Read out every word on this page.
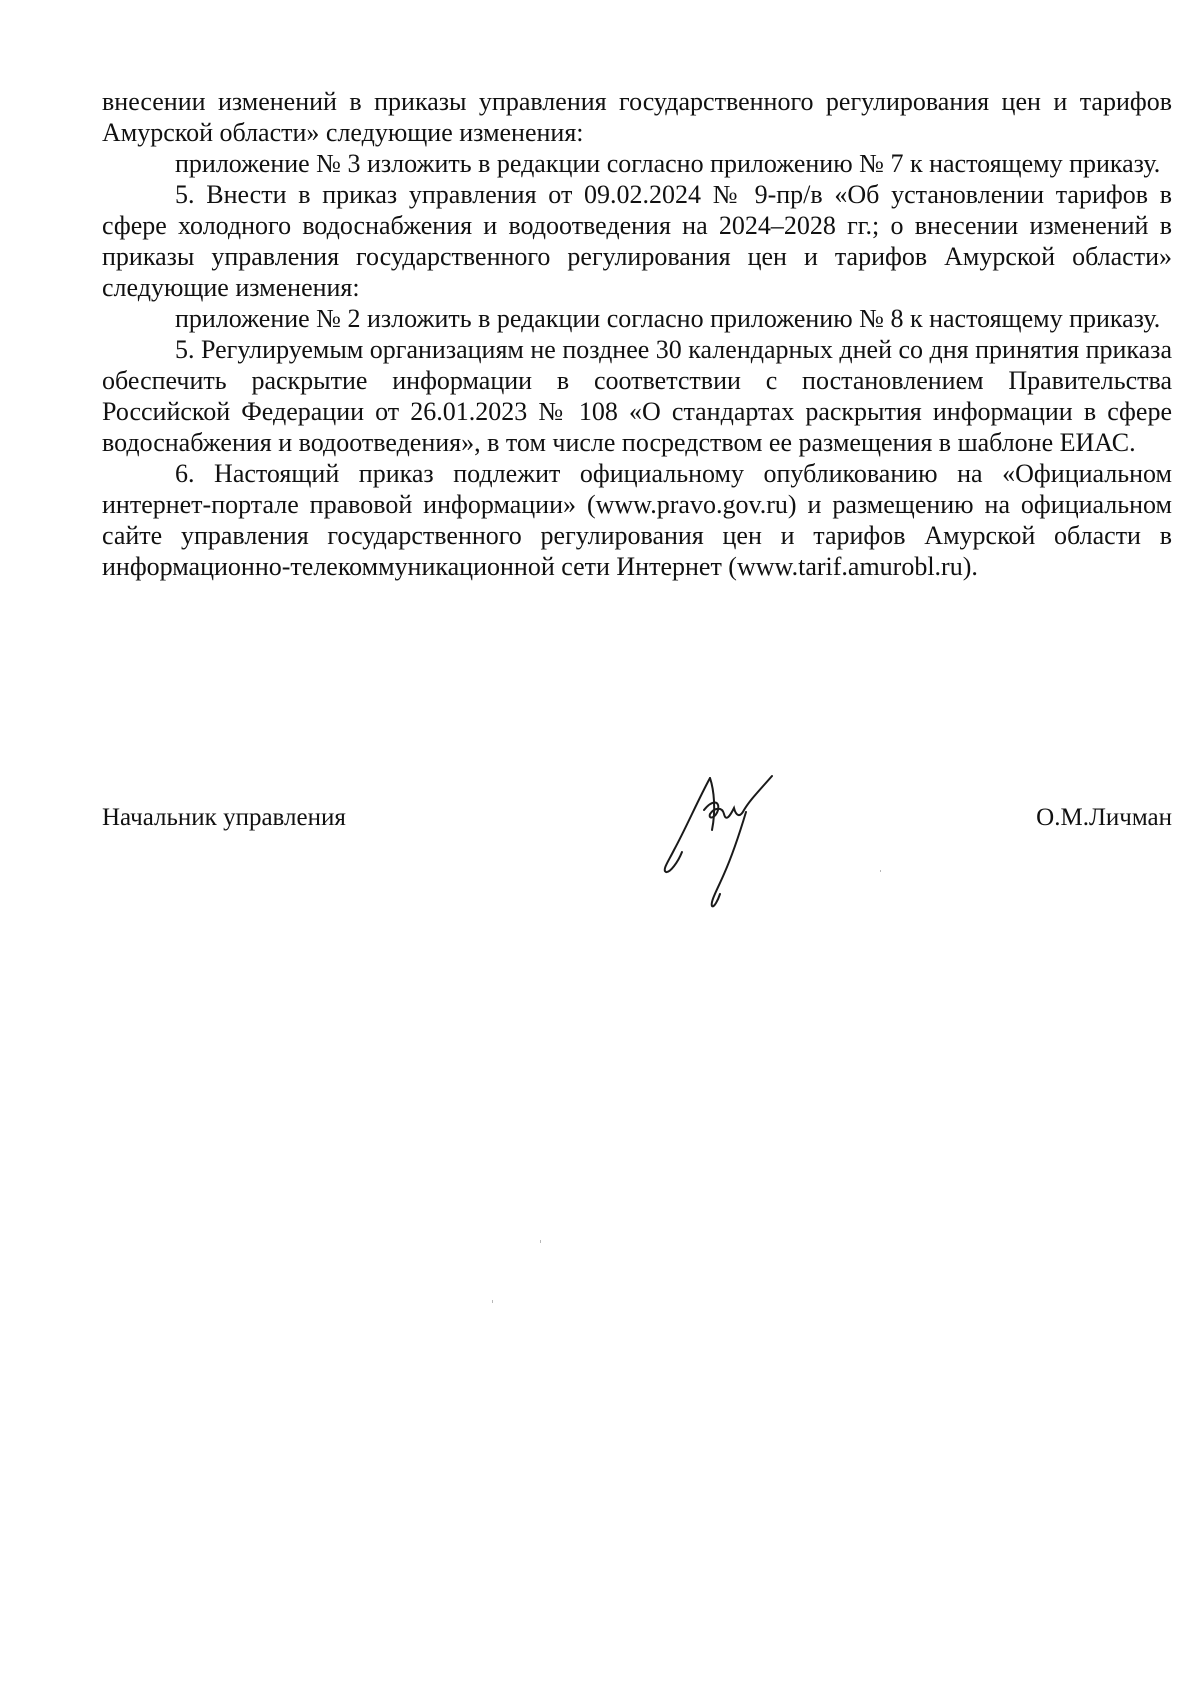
внесении изменений в приказы управления государственного регулирования цен и тарифов Амурской области» следующие изменения:

приложение № 3 изложить в редакции согласно приложению № 7 к настоящему приказу.

5. Внести в приказ управления от 09.02.2024 № 9-пр/в «Об установлении тарифов в сфере холодного водоснабжения и водоотведения на 2024–2028 гг.; о внесении изменений в приказы управления государственного регулирования цен и тарифов Амурской области» следующие изменения:

приложение № 2 изложить в редакции согласно приложению № 8 к настоящему приказу.

5. Регулируемым организациям не позднее 30 календарных дней со дня принятия приказа обеспечить раскрытие информации в соответствии с постановлением Правительства Российской Федерации от 26.01.2023 № 108 «О стандартах раскрытия информации в сфере водоснабжения и водоотведения», в том числе посредством ее размещения в шаблоне ЕИАС.

6. Настоящий приказ подлежит официальному опубликованию на «Официальном интернет-портале правовой информации» (www.pravo.gov.ru) и размещению на официальном сайте управления государственного регулирования цен и тарифов Амурской области в информационно-телекоммуникационной сети Интернет (www.tarif.amurobl.ru).

Начальник управления	О.М.Личман
